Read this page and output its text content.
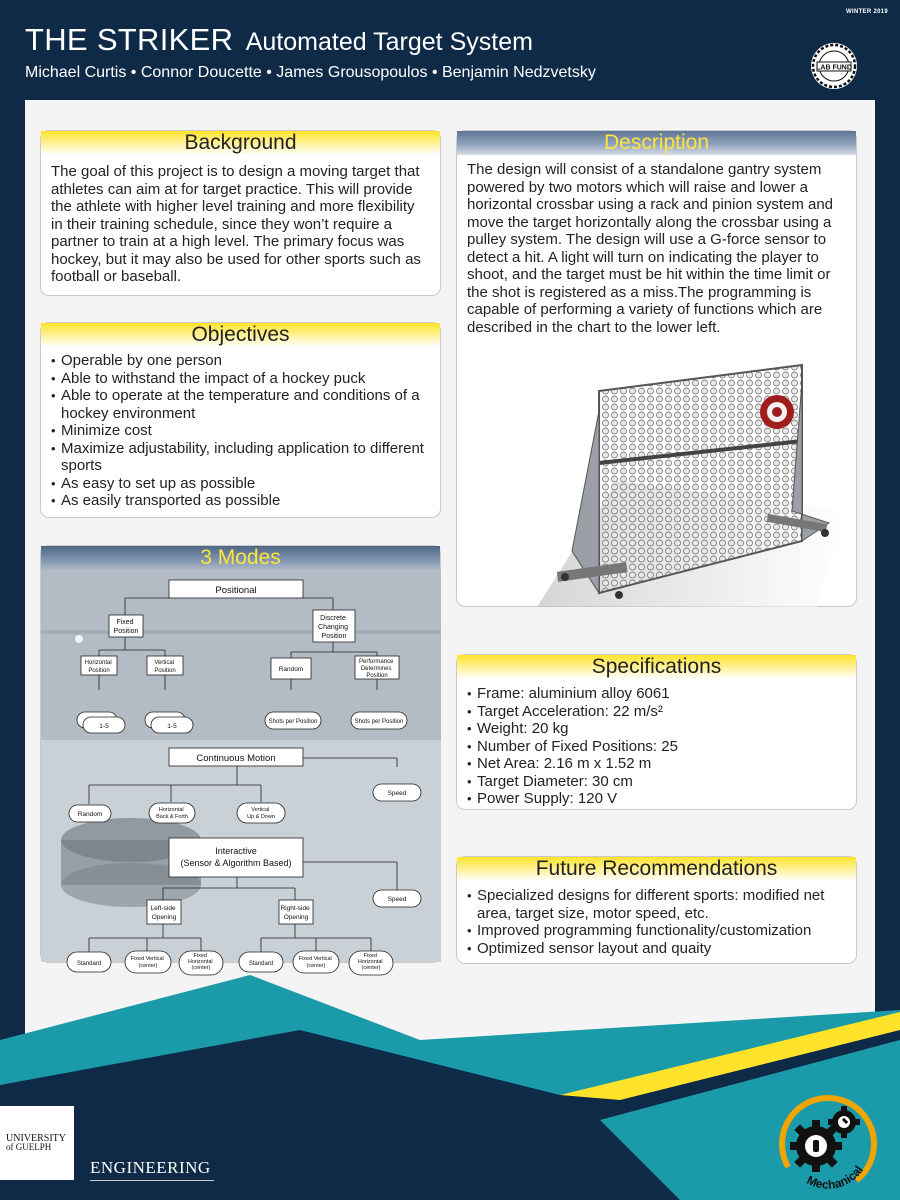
WINTER 2019
THE STRIKER Automated Target System
Michael Curtis • Connor Doucette • James Grousopoulos • Benjamin Nedzvetsky	LAB FUND
Background
The goal of this project is to design a moving target that athletes can aim at for target practice. This will provide the athlete with higher level training and more flexibility in their training schedule, since they won’t require a partner to train at a high level. The primary focus was hockey, but it may also be used for other sports such as football or baseball.
Objectives
• Operable by one person
• Able to withstand the impact of a hockey puck
• Able to operate at the temperature and conditions of a hockey environment
• Minimize cost
• Maximize adjustability, including application to different sports
• As easy to set up as possible
• As easily transported as possible
Description
The design will consist of a standalone gantry system powered by two motors which will raise and lower a horizontal crossbar using a rack and pinion system and move the target horizontally along the crossbar using a pulley system. The design will use a G-force sensor to detect a hit. A light will turn on indicating the player to shoot, and the target must be hit within the time limit or the shot is registered as a miss.The programming is capable of performing a variety of functions which are described in the chart to the lower left.
3 Modes
Positional
Fixed Position
Discrete Changing Position
Horizontal Position
Vertical Position	Random
Performance Determines Position
1-5	1-5
Shots per Position	Shots per Position
Continuous Motion
Speed
Random
Horizontal Back & Forth
Vertical Up & Down
Interactive
(Sensor & Algorithm Based)
Speed
Left-side Opening
Right-side Opening
Standard
Fixed Vertical (center)
Fixed Horizontal (center)
Standard
Fixed Vertical (center)
Fixed Horizontal (center)
Specifications
• Frame: aluminium alloy 6061
• Target Acceleration: 22 m/s²
• Weight: 20 kg
• Number of Fixed Positions: 25
• Net Area: 2.16 m x 1.52 m
• Target Diameter: 30 cm
• Power Supply: 120 V
Future Recommendations
• Specialized designs for different sports: modified net area, target size, motor speed, etc.
• Improved programming functionality/customization
• Optimized sensor layout and quaity
UNIVERSITY
of GUELPH
ENGINEERING
Mechanical
